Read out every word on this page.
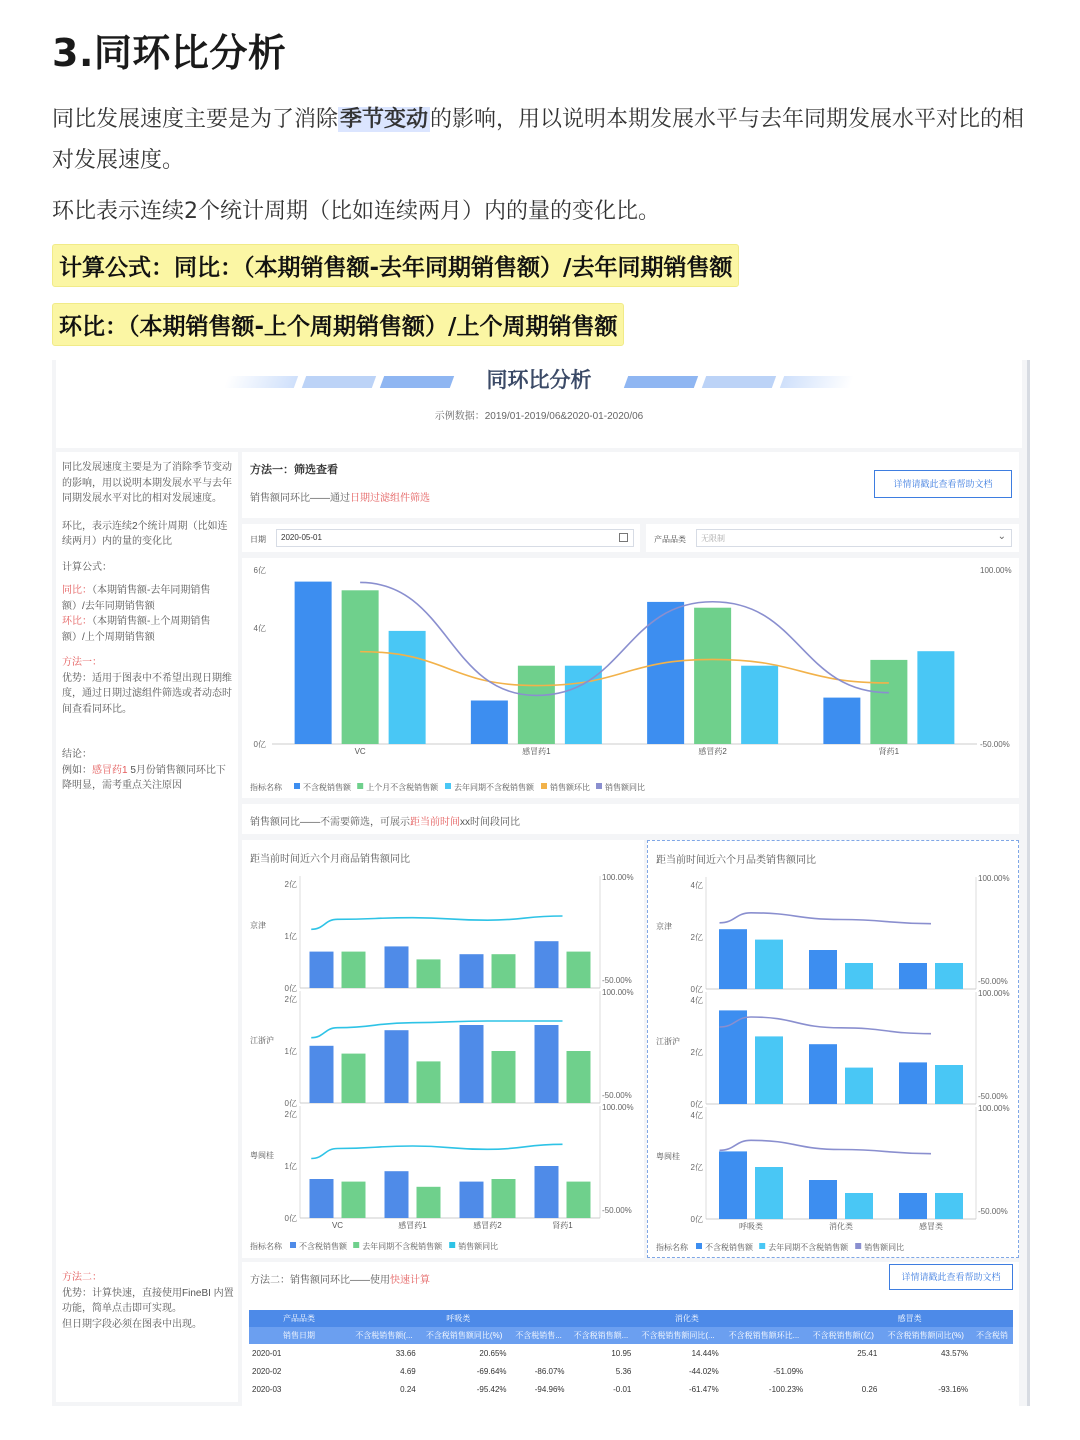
3.同环比分析
同比发展速度主要是为了消除季节变动的影响，用以说明本期发展水平与去年同期发展水平对比的相对发展速度。
环比表示连续2个统计周期（比如连续两月）内的量的变化比。
计算公式：同比：（本期销售额-去年同期销售额）/去年同期销售额
环比：（本期销售额-上个周期销售额）/上个周期销售额
同环比分析
示例数据：2019/01-2019/06&2020-01-2020/06
同比发展速度主要是为了消除季节变动的影响，用以说明本期发展水平与去年同期发展水平对比的相对发展速度。
环比，表示连续2个统计周期（比如连续两月）内的量的变化比
计算公式：
同比：（本期销售额-去年同期销售额）/去年同期销售额
环比：（本期销售额-上个周期销售额）/上个周期销售额
方法一：
优势：适用于图表中不希望出现日期维度，通过日期过滤组件筛选或者动态时间查看同环比。
结论：
例如：感冒药1 5月份销售额同环比下降明显，需考重点关注原因
方法二：
优势：计算快速，直接使用FineBI 内置功能，简单点击即可实现。
但日期字段必须在图表中出现。
方法一：筛选查看
销售额同环比——通过日期过滤组件筛选
详情请戳此查看帮助文档
日期	2020-05-01	产品品类	无限制	⌄
0亿
4亿
6亿	100.00%
-50.00%
VC	感冒药1	感冒药2	肾药1
指标名称	不含税销售额 上个月不含税销售额 去年同期不含税销售额 销售额环比 销售额同比
销售额同比——不需要筛选，可展示距当前时间xx时间段同比
距当前时间近六个月商品销售额同比
京津
0亿
1亿
2亿
100.00%
-50.00%
江浙沪
0亿
1亿
2亿
100.00%
-50.00%
粤闽桂
0亿
1亿
2亿
100.00%
-50.00%
VC	感冒药1	感冒药2	肾药1
指标名称 不含税销售额 去年同期不含税销售额 销售额同比
距当前时间近六个月品类销售额同比
京津
0亿
2亿
4亿
100.00%
-50.00%
江浙沪
0亿
2亿
4亿
100.00%
-50.00%
粤闽桂
0亿
2亿
4亿
100.00%
-50.00%
呼吸类	消化类	感冒类
指标名称 不含税销售额 去年同期不含税销售额 销售额同比
方法二：销售额同环比——使用快速计算	详情请戳此查看帮助文档
产品品类	呼吸类			消化类			感冒类		
销售日期	不含税销售额(...	不含税销售额同比(%)	不含税销售...	不含税销售额...	不含税销售额同比(...	不含税销售额环比...	不含税销售额(亿)	不含税销售额同比(%)	不含税销
2020-01	33.66	20.65%		10.95	14.44%		25.41	43.57%	
2020-02	4.69	-69.64%	-86.07%	5.36	-44.02%	-51.09%			
2020-03	0.24	-95.42%	-94.96%	-0.01	-61.47%	-100.23%	0.26	-93.16%	
